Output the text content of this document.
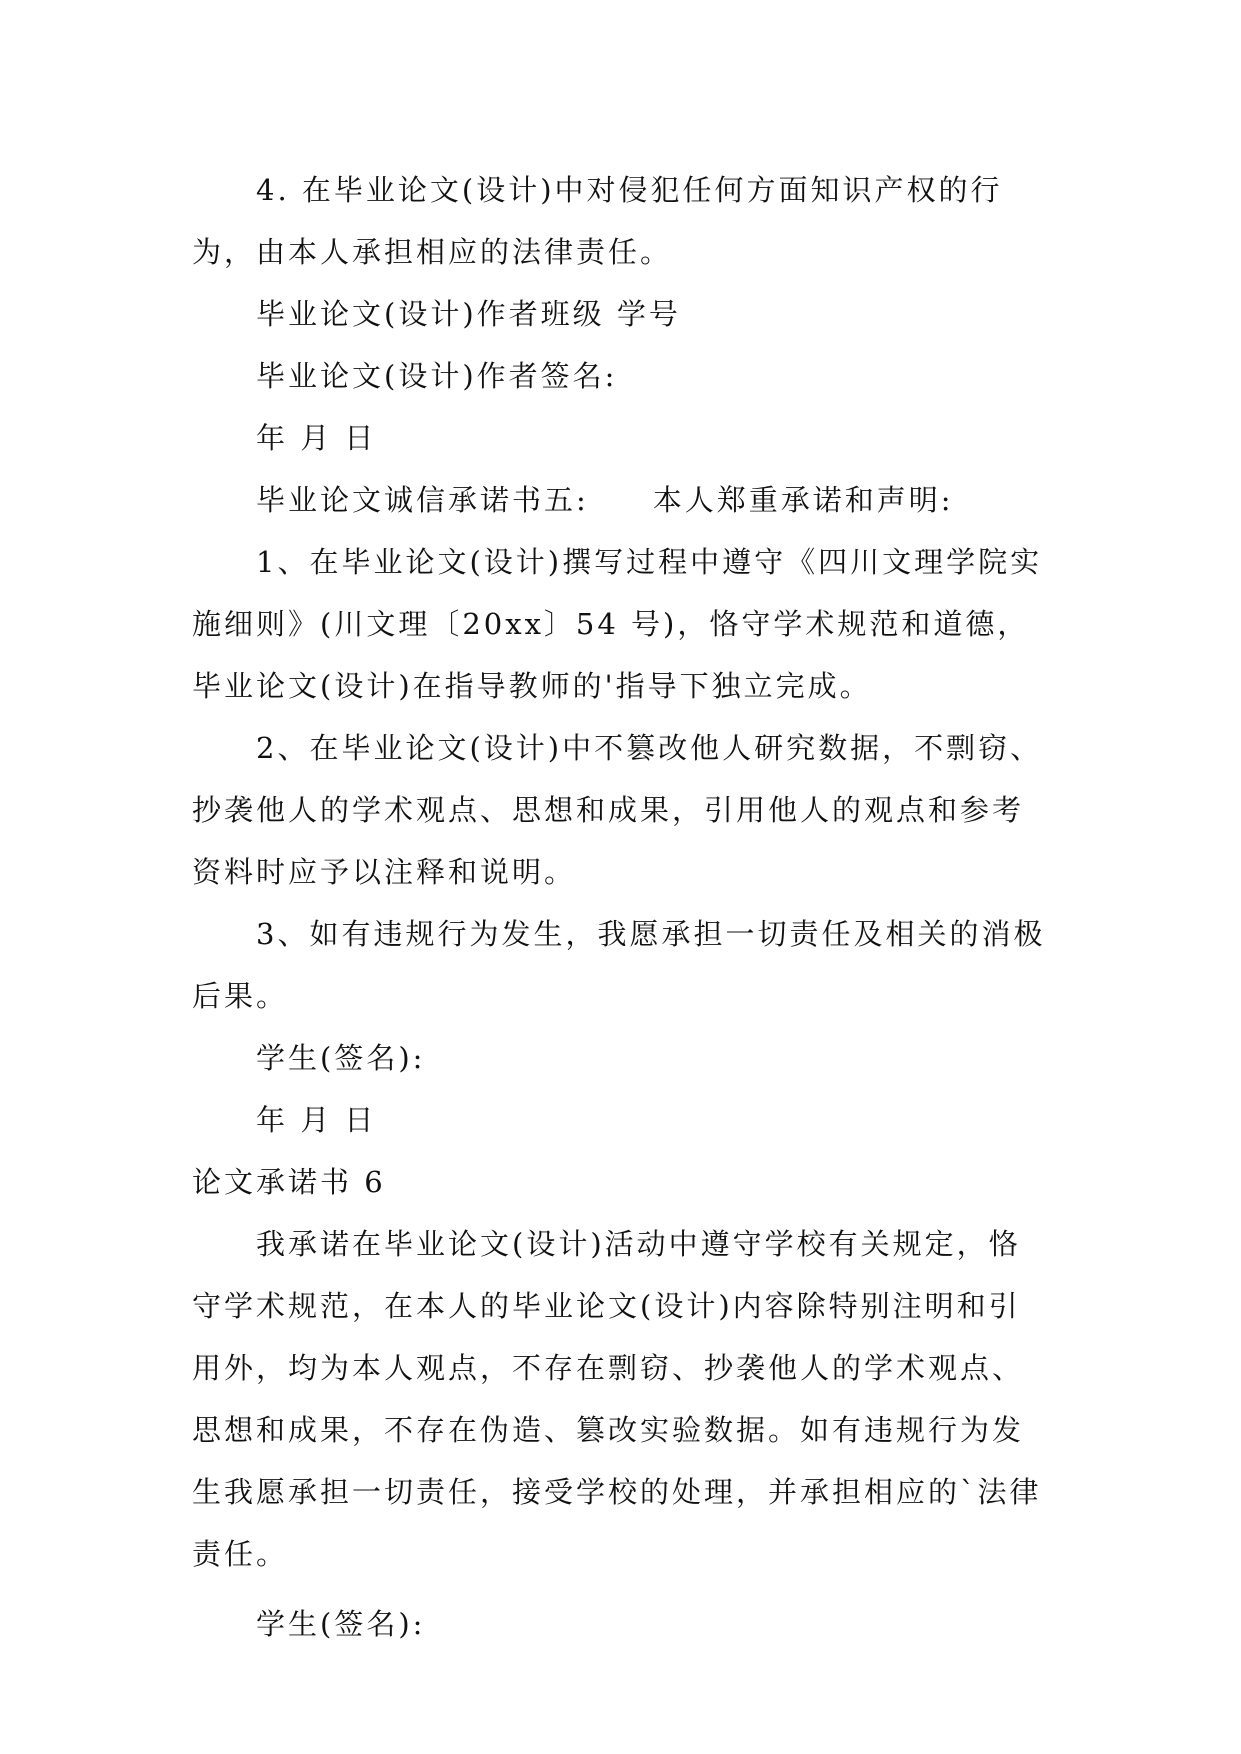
4. 在毕业论文(设计)中对侵犯任何方面知识产权的行为，由本人承担相应的法律责任。

毕业论文(设计)作者班级 学号

毕业论文(设计)作者签名:

年 月 日

毕业论文诚信承诺书五:　　本人郑重承诺和声明:

1、在毕业论文(设计)撰写过程中遵守《四川文理学院实施细则》(川文理〔20xx〕54 号)，恪守学术规范和道德，毕业论文(设计)在指导教师的'指导下独立完成。

2、在毕业论文(设计)中不篡改他人研究数据，不剽窃、抄袭他人的学术观点、思想和成果，引用他人的观点和参考资料时应予以注释和说明。

3、如有违规行为发生，我愿承担一切责任及相关的消极后果。

学生(签名):

年 月 日

论文承诺书 6

我承诺在毕业论文(设计)活动中遵守学校有关规定，恪守学术规范，在本人的毕业论文(设计)内容除特别注明和引用外，均为本人观点，不存在剽窃、抄袭他人的学术观点、思想和成果，不存在伪造、篡改实验数据。如有违规行为发生我愿承担一切责任，接受学校的处理，并承担相应的`法律责任。

学生(签名):
